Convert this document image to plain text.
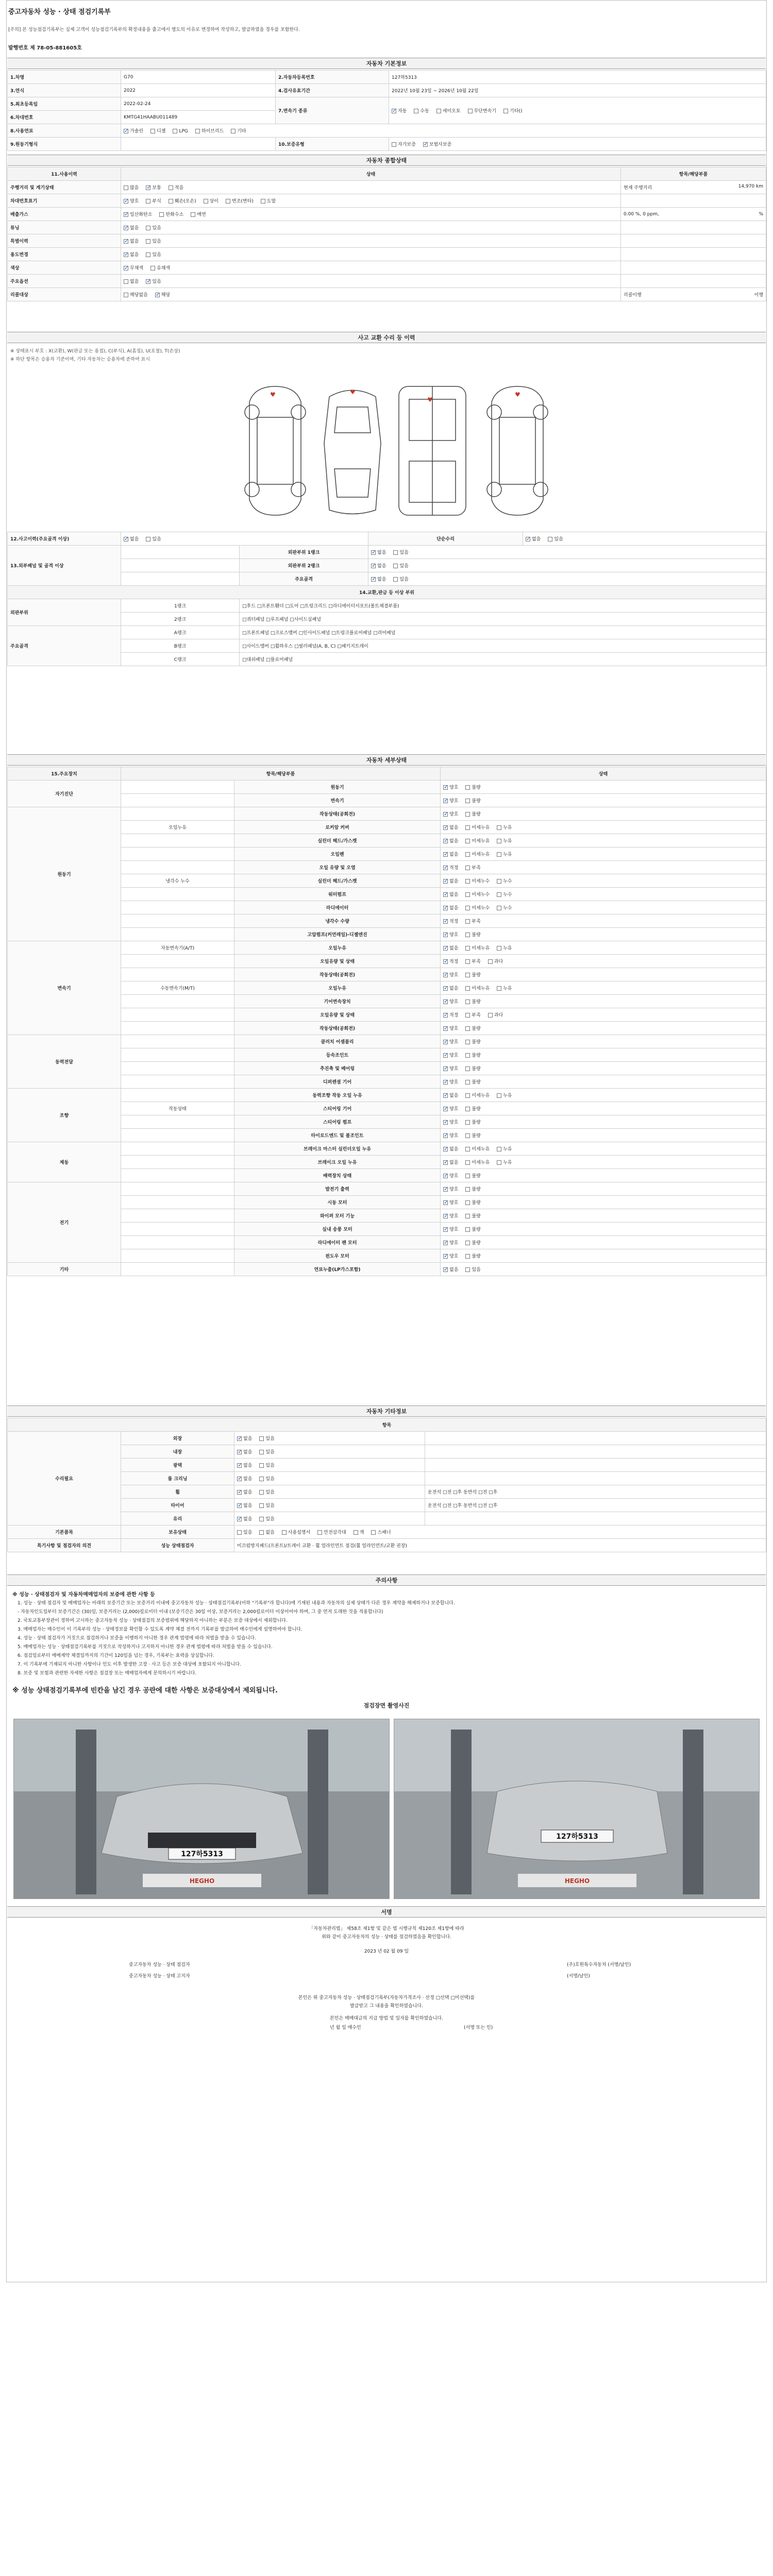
중고자동차 성능 · 상태 점검기록부
[주의] 본 성능점검기록부는 실제 고객이 성능점검기록부의 확정내용을 출고에서 별도의 이유로 변경하여 작성하고, 발급하였을 경우를 포함한다.
발행번호 제 78-05-881605호
자동차 기본정보
1.차명	G70	2.자동차등록번호	127하5313
3.연식	2022	4.검사유효기간	2022년 10월 23일 ~ 2026년 10월 22일
5.최초등록일	2022-02-24	7.변속기 종류	✓자동 수동 세미오토 무단변속기 기타()
6.차대번호	KMTG41HAABU011489		
8.사용연료	✓가솔린 디젤 LPG 하이브리드 기타
9.원동기형식		10.보증유형	자가보증 ✓ 보험사보증
자동차 종합상태
11.사용이력	상태	항목/해당부품
주행거리 및 계기상태	많음 ✓ 보통 적음	현재 주행거리 14,970 km

차대번호표기	✓양호 부식 훼손(오손) 상이 변조(변타) 도말	

배출가스	✓일산화탄소 탄화수소 매연	0.00 %, 0 ppm, %

튜닝	✓없음 있음	

특별이력	✓없음 있음	

용도변경	✓없음 있음	

색상	✓무채색 유채색	

주요옵션	없음 ✓ 있음	

리콜대상	해당없음 ✓ 해당	리콜이행 이행
사고 교환 수리 등 이력
※ 상태표시 부호 : X(교환), W(판금 또는 용접), C(부식), A(흠집), U(요철), T(손상)
※ 하단 항목은 승용차 기준이며, 기타 자동차는 승용차에 준하여 표시
♥	♥
♥
♥
12.사고이력(주요골격 이상)	✓없음 있음		단순수리	✓없음 있음
13.외부패널 및 골격 이상		외판부위 1랭크	✓없음 있음
		외판부위 2랭크	✓없음 있음
		주요골격	✓없음 있음
14.교환,판금 등 이상 부위				
외판부위	1랭크	□후드 □프론트휀더 □도어 □트렁크리드 □라디에이터서포트(볼트체결부품)		
	2랭크	□쿼터패널 □루프패널 □사이드실패널		
주요골격	A랭크	□프론트패널 □크로스멤버 □인사이드패널 □트렁크플로어패널 □리어패널		
	B랭크	□사이드멤버 □휠하우스 □필러패널(A, B, C) □패키지트레이		
	C랭크	□대쉬패널 □플로어패널		
자동차 세부상태
15.주요장치	항목/해당부품		상태
자기진단		원동기	✓양호 불량
		변속기	✓양호 불량
원동기		작동상태(공회전)	✓양호 불량
	오일누유	로커암 커버	✓없음 미세누유 누유
		실린더 헤드/가스켓	✓없음 미세누유 누유
		오일팬	✓없음 미세누유 누유
		오일 유량 및 오염	✓적정 부족
	냉각수 누수	실린더 헤드/가스켓	✓없음 미세누수 누수
		워터펌프	✓없음 미세누수 누수
		라디에이터	✓없음 미세누수 누수
		냉각수 수량	✓적정 부족
		고압펌프(커먼레일)-디젤엔진	✓양호 불량
변속기	자동변속기(A/T)	오일누유	✓없음 미세누유 누유
		오일유량 및 상태	✓적정 부족 과다
		작동상태(공회전)	✓양호 불량
	수동변속기(M/T)	오일누유	✓없음 미세누유 누유
		기어변속장치	✓양호 불량
		오일유량 및 상태	✓적정 부족 과다
		작동상태(공회전)	✓양호 불량
동력전달		클러치 어셈블리	✓양호 불량
		등속조인트	✓양호 불량
		추진축 및 베어링	✓양호 불량
		디퍼렌셜 기어	✓양호 불량
조향		동력조향 작동 오일 누유	✓없음 미세누유 누유
	작동상태	스티어링 기어	✓양호 불량
		스티어링 펌프	✓양호 불량
		타이로드엔드 및 볼조인트	✓양호 불량
제동		브레이크 마스터 실린더오일 누유	✓없음 미세누유 누유
		브레이크 오일 누유	✓없음 미세누유 누유
		배력장치 상태	✓양호 불량
전기		발전기 출력	✓양호 불량
		시동 모터	✓양호 불량
		와이퍼 모터 기능	✓양호 불량
		실내 송풍 모터	✓양호 불량
		라디에이터 팬 모터	✓양호 불량
		윈도우 모터	✓양호 불량
기타		연료누출(LP가스포함)	✓없음 있음
자동차 기타정보
항목			
수리필요	외장	✓없음 있음	
	내장	✓없음 있음	
	광택	✓없음 있음	
	룸 크리닝	✓없음 있음	
	휠	✓없음 있음	운전석 □전 □후 동반석 □전 □후
	타이어	✓없음 있음	운전석 □전 □후 동반석 □전 □후
	유리	✓없음 있음	
기본품목	보유상태	있음 없음 사용설명서 안전삼각대 잭 스패너	
특기사항 및 점검자의 의견	성능 상태점검자	미끄럼방지패드(프론트)/트레이 교환 · 휠 얼라인먼트 점검(휠 얼라인먼트/교환 권장)	
주의사항
※ 성능 · 상태점검자 및 자동차매매업자의 보증에 관한 사항 등
1. 성능 · 상태 점검자 및 매매업자는 아래의 보증기간 또는 보증거리 이내에 중고자동차 성능 · 상태점검기록부(이하 "기록부"라 합니다)에 기재된 내용과 자동차의 실제 상태가 다른 경우 계약을 해제하거나 보증합니다.
- 자동차인도일부터 보증기간은 (30)일, 보증거리는 (2,000)킬로미터 이내 (보증기간은 30일 이상, 보증거리는 2,000킬로미터 이상이어야 하며, 그 중 먼저 도래한 것을 적용합니다)
2. 국토교통부장관이 정하여 고시하는 중고자동차 성능 · 상태점검의 보증범위에 해당하지 아니하는 부분은 보증 대상에서 제외합니다.
3. 매매업자는 매수인이 이 기록부의 성능 · 상태정보를 확인할 수 있도록 계약 체결 전까지 기록부를 발급하여 매수인에게 설명하여야 합니다.
4. 성능 · 상태 점검자가 거짓으로 점검하거나 보증을 이행하지 아니한 경우 관계 법령에 따라 처벌을 받을 수 있습니다.
5. 매매업자는 성능 · 상태점검기록부를 거짓으로 작성하거나 고지하지 아니한 경우 관계 법령에 따라 처벌을 받을 수 있습니다.
6. 점검일로부터 매매계약 체결일까지의 기간이 120일을 넘는 경우, 기록부는 효력을 상실합니다.
7. 이 기록부에 기재되지 아니한 사항이나 인도 이후 발생한 고장 · 사고 등은 보증 대상에 포함되지 아니합니다.
8. 보증 및 보험과 관련한 자세한 사항은 점검장 또는 매매업자에게 문의하시기 바랍니다.
※ 성능 상태점검기록부에 빈칸을 남긴 경우 공란에 대한 사항은 보증대상에서 제외됩니다.
점검장면 촬영사진
127하5313
HEGHO
127하5313
HEGHO
서명
「자동차관리법」 제58조 제1항 및 같은 법 시행규칙 제120조 제1항에 따라
위와 같이 중고자동차의 성능 · 상태를 점검하였음을 확인합니다.
2023 년 02 월 09 일
중고자동차 성능 · 상태 점검자	(주)호원특수자동차 (서명/날인)
중고자동차 성능 · 상태 고지자	(서명/날인)
본인은 위 중고자동차 성능 · 상태점검기록부(자동차가격조사 · 산정 □선택 □미선택)를
발급받고 그 내용을 확인하였습니다.
본인은 매매대금의 지급 방법 및 일자를 확인하였습니다.
년 월 일 매수인	(서명 또는 인)
